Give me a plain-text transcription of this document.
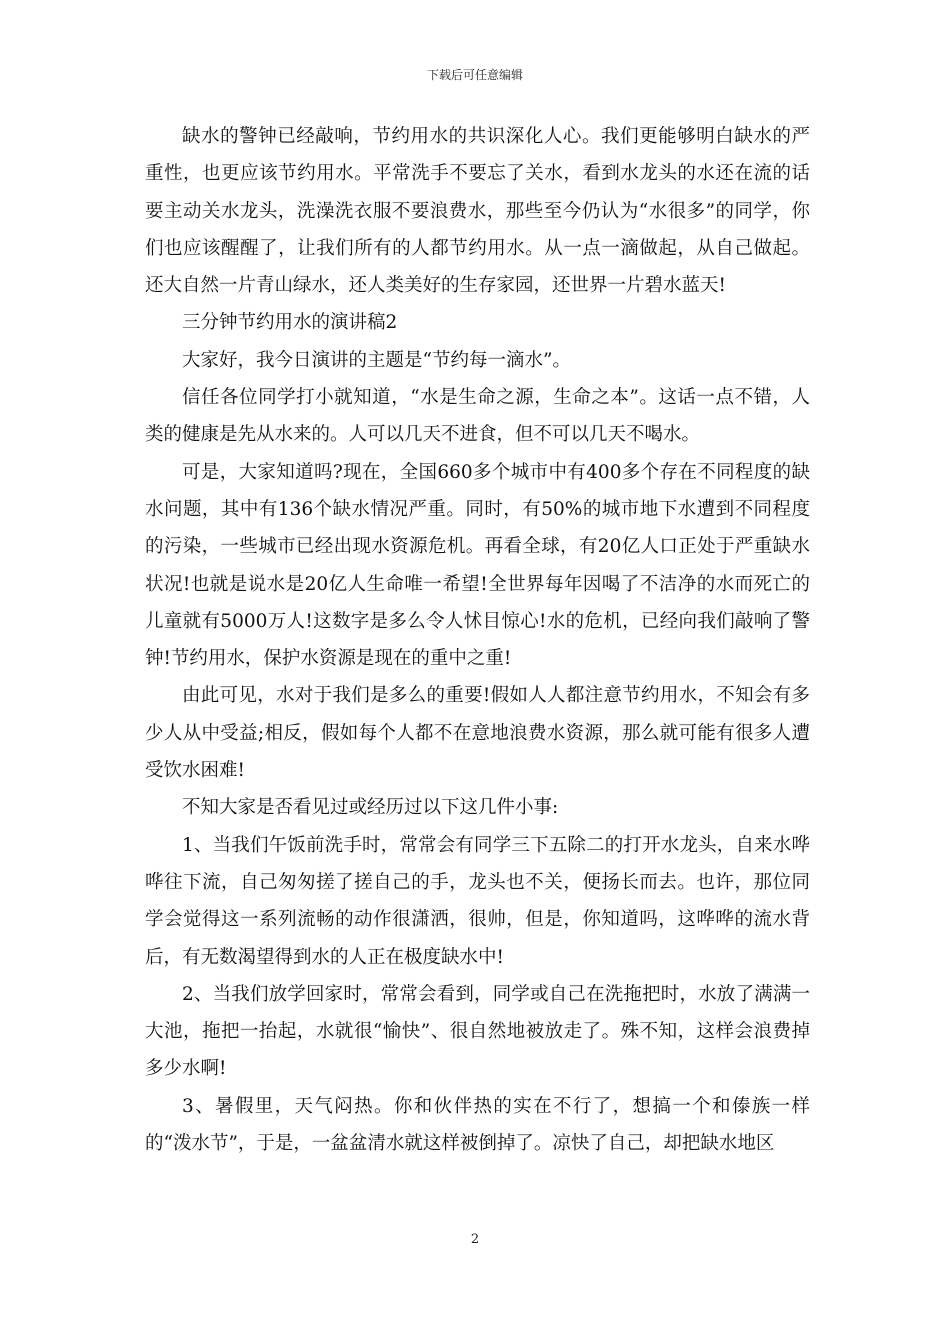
下载后可任意编辑

缺水的警钟已经敲响，节约用水的共识深化人心。我们更能够明白缺水的严重性，也更应该节约用水。平常洗手不要忘了关水，看到水龙头的水还在流的话要主动关水龙头，洗澡洗衣服不要浪费水，那些至今仍认为“水很多”的同学，你们也应该醒醒了，让我们所有的人都节约用水。从一点一滴做起，从自己做起。还大自然一片青山绿水，还人类美好的生存家园，还世界一片碧水蓝天!

三分钟节约用水的演讲稿2

大家好，我今日演讲的主题是“节约每一滴水”。

信任各位同学打小就知道，“水是生命之源，生命之本”。这话一点不错，人类的健康是先从水来的。人可以几天不进食，但不可以几天不喝水。

可是，大家知道吗?现在，全国660多个城市中有400多个存在不同程度的缺水问题，其中有136个缺水情况严重。同时，有50%的城市地下水遭到不同程度的污染，一些城市已经出现水资源危机。再看全球，有20亿人口正处于严重缺水状况!也就是说水是20亿人生命唯一希望!全世界每年因喝了不洁净的水而死亡的儿童就有5000万人!这数字是多么令人怵目惊心!水的危机，已经向我们敲响了警钟!节约用水，保护水资源是现在的重中之重!

由此可见，水对于我们是多么的重要!假如人人都注意节约用水，不知会有多少人从中受益;相反，假如每个人都不在意地浪费水资源，那么就可能有很多人遭受饮水困难!

不知大家是否看见过或经历过以下这几件小事:

1、当我们午饭前洗手时，常常会有同学三下五除二的打开水龙头，自来水哗哗往下流，自己匆匆搓了搓自己的手，龙头也不关，便扬长而去。也许，那位同学会觉得这一系列流畅的动作很潇洒，很帅，但是，你知道吗，这哗哗的流水背后，有无数渴望得到水的人正在极度缺水中!

2、当我们放学回家时，常常会看到，同学或自己在洗拖把时，水放了满满一大池，拖把一抬起，水就很“愉快”、很自然地被放走了。殊不知，这样会浪费掉多少水啊!

3、暑假里，天气闷热。你和伙伴热的实在不行了，想搞一个和傣族一样的“泼水节”，于是，一盆盆清水就这样被倒掉了。凉快了自己，却把缺水地区

2
